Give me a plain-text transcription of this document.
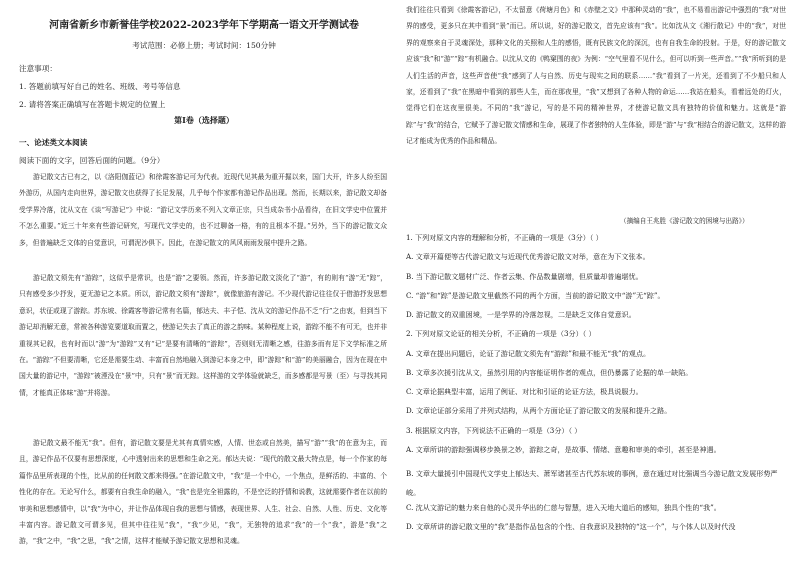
河南省新乡市新誉佳学校2022-2023学年下学期高一语文开学测试卷
考试范围：必修上册；考试时间：150分钟
注意事项：
1. 答题前填写好自己的姓名、班级、考号等信息
2. 请将答案正确填写在答题卡规定的位置上
第I卷（选择题）
一、论述类文本阅读
阅读下面的文字，回答后面的问题。（9分）
游记散文古已有之，以《洛阳伽蓝记》和徐霞客游记可为代表。近现代见其最为重开掘以来，国门大开，许多人纷至国外游历，从国内走向世界，游记散文也获得了长足发展，几乎每个作家都有游记作品出现。然而，长期以来，游记散文却备受学界冷落，沈从文在《谈“写游记”》中说：“游记文学历来不列入文章正宗，只当成杂书小品看待，在旧文学史中位置并不怎么重要。”近三十年来有些游记研究，写现代文学史的，也不过聊备一格，有的且根本不提。”另外，当下的游记散文众多，但普遍缺乏文体的自觉意识，可谓泥沙俱下。因此，在游记散文的风风雨雨发展中提升之路。
游记散文须先有“游踪”，这似乎是常识，也是“游”之要领。然而，许多游记散文淡化了“游”，有的则有“游”无“踪”，只有感受多少抒发，更无游记之本质。所以，游记散文须有“游踪”，就像旅游有游记。不少现代游记往往仅于借游抒发思想意识，状征或现了游踪。苏东坡、徐霞客等游记常有名篇，郁达夫、丰子恺、沈从文的游记作品不乏“行”之由衷，但到当下游记却消解无意，常被各种游览要道取而置之，使游记失去了真正的游之韵味。某种程度上说，游踪不能不有可无，也并非重视其记叙，也有时而以“游”为“游踪”又有“记”是要有清晰的“游踪”，否则则无清晰之感，往游多而有足下文学标准之所在。“游踪”不但要清晰，它还是需要生动、丰富而自然地融入到游记本身之中，即“游踪”和“游”的美丽融合，因为在现在中国大量的游记中，“游踪”被湮没在“景”中，只有“景”而无踪。这样游的文学体验就缺乏，而多感都是写景（至）与寻找其同情，才能真正体味“游”并将游。
游记散文最不能无“我”。但有，游记散文要是尤其有真情实感，人情、世态或自然美，描写“游”“我”的在意为主，而且，游记作品不仅要有思想深度，心中透射出来的思想和生命之光。郁达夫说：“现代的散文最大特点是，每一个作家的每篇作品里所表现的个性，比从前的任何散文都来得强。”在游记散文中，“我”是一个中心，一个焦点，是鲜活的、丰富的、个性化的存在。无论写什么，都要有自我生命的融入，“我”也是完全袒露的，不是空泛的抒情和说教，这就需要作者在以前的审美和思想感情中，以“我”为中心，并让作品体现自我的思想与情感，表现世界、人生、社会、自然、人性、历史、文化等丰富内容。游记散文可谓多见，但其中往往见“我”，“我”少见，“我”，无独特的追求“我”的一个“我”，游是“我”之游，“我”之中，“我”之思，“我”之情，这样才能赋予游记散文思想和灵魂。
我们往往只看到《徐霞客游记》，不太留意《荷塘月色》和《赤壁之文》中那种灵动的“我”，也不易看出游记中强烈的“我”对世界的感受，更多只在其中看到“景”而已。所以说，好的游记散文，首先应该有“我”。比如沈从文《湘行散记》中的“我”，对世界的观察来自于灵魂深处，那种文化的关照和人生的感悟，既有民族文化的深沉，也有自我生命的投射。于是，好的游记散文应该“我”和“游”“踪”有机融合。以沈从文的《鸭窠围的夜》为例：“空气里看不见什么，但可以听到一些声音。”“我”所听到的是人们生活的声音，这些声音使“我”感到了人与自然、历史与现实之间的联系……“我”看到了一片光，还看到了不少船只和人家，还看到了“我”在黑暗中看到的那些人生，而在那夜里，“我”又想到了各种人物的命运……我站在船头，看着远处的灯火，觉得它们在这夜里很美。不同的“我”游记，写的是不同的精神世界，才使游记散文具有独特的价值和魅力。这就是“游踪”与“我”的结合，它赋予了游记散文情感和生命，展现了作者独特的人生体验，即是“游”与“我”相结合的游记散文，这样的游记才能成为优秀的作品和精品。
（摘编自王兆胜《游记散文的困境与出路》）
1. 下列对原文内容的理解和分析，不正确的一项是（3分）（ ）
A. 文章开篇便等古代游记散文与近现代优秀游记散文对举，意在为下文张本。
B. 当下游记散文题材广泛、作者云集、作品数量剧增，但质量却普遍堪忧。
C. “游”和“踪”是游记散文里截然不同的两个方面，当前的游记散文中“游”无“踪”。
D. 游记散文的双重困境，一是学界的冷落忽视，二是缺乏文体自觉意识。
2. 下列对原文论证的相关分析，不正确的一项是（3分）（ ）
A. 文章在提出问题后，论证了游记散文须先有“游踪”和最不能无“我”的观点。
B. 文章多次援引沈从文，虽然引用的内容能证明作者的观点，但仍暴露了论据的单一缺陷。
C. 文章论据典型丰富，运用了例证、对比和引证的论证方法，极具说服力。
D. 文章论证部分采用了并列式结构，从两个方面论证了游记散文的发展和提升之路。
3. 根据原文内容，下列说法不正确的一项是（3分）（ ）
A. 文章所讲的游踪强调移步换景之妙，游踪之奇，是故事、情绪、意趣和审美的牵引，甚至是神遇。
B. 文章大量援引中国现代文学史上郁达夫、萧军诸甚至古代苏东坡的事例，意在通过对比强调当今游记散文发展形势严峻。
C. 沈从文游记的魅力来自他的心灵升华出的仁慈与智慧，进入天地大道后的感知，独具个性的“我”。
D. 文章所讲的游记散文里的“我”是指作品包含的个性、自我意识及独特的“这一个”，与个体人以及时代没
